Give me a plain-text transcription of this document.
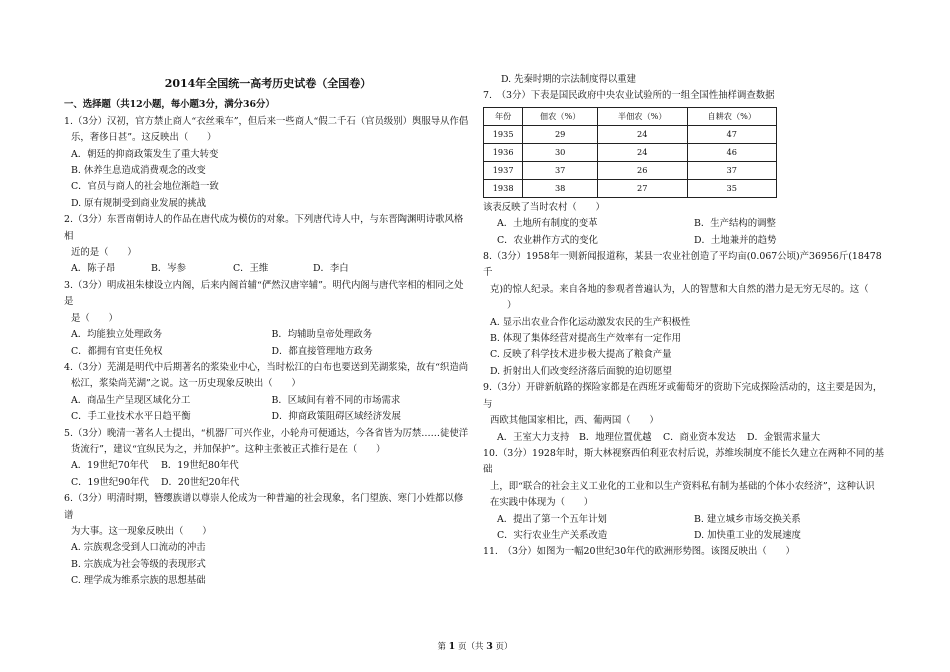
2014年全国统一高考历史试卷（全国卷）

一、选择题（共12小题，每小题3分，满分36分）

1.（3分）汉初，官方禁止商人“衣丝乘车”，但后来一些商人“假二千石（官员级别）舆服导从作倡

乐，奢侈日甚”。这反映出（　　）

A．朝廷的抑商政策发生了重大转变

B. 休养生息造成消费观念的改变

C．官员与商人的社会地位渐趋一致

D. 原有规制受到商业发展的挑战

2.（3分）东晋南朝诗人的作品在唐代成为模仿的对象。下列唐代诗人中，与东晋陶渊明诗歌风格相

近的是（　　）

A．陈子昂	B．岑参	C．王维	D．李白

3.（3分）明成祖朱棣设立内阁，后来内阁首辅“俨然汉唐宰辅”。明代内阁与唐代宰相的相同之处是

是（　　）

A．均能独立处理政务	B．均辅助皇帝处理政务

C．都拥有官吏任免权	D．都直接管理地方政务

4.（3分）芜湖是明代中后期著名的浆染业中心，当时松江的白布也要送到芜湖浆染，故有“织造尚

松江，浆染尚芜湖”之说。这一历史现象反映出（　　）

A．商品生产呈现区域化分工	B．区域间有着不同的市场需求

C．手工业技术水平日趋平衡	D．抑商政策阻碍区域经济发展

5.（3分）晚清一著名人士提出，“机器厂可兴作业，小轮舟可便通达，今各省皆为厉禁……徒使洋

货流行”，建议“宜纵民为之，并加保护”。这种主张被正式推行是在（　　）

A．19世纪70年代	B．19世纪80年代

C．19世纪90年代	D．20世纪20年代

6.（3分）明清时期，簪缨族谱以尊崇人伦成为一种普遍的社会现象，名门望族、寒门小姓都以修谱

为大事。这一现象反映出（　　）

A. 宗族观念受到人口流动的冲击

B. 宗族成为社会等级的表现形式

C. 理学成为维系宗族的思想基础

D. 先秦时期的宗法制度得以重建

7.　（3分）下表是国民政府中央农业试验所的一组全国性抽样调查数据

年份	佃农（%）	半佃农（%）	自耕农（%）
1935	29	24	47
1936	30	24	46
1937	37	26	37
1938	38	27	35

该表反映了当时农村（　　）

A．土地所有制度的变革	B．生产结构的调整

C．农业耕作方式的变化	D．土地兼并的趋势

8.（3分）1958年一则新闻报道称，某县一农业社创造了平均亩(0.067公顷)产36956斤(18478千

克)的惊人纪录。来自各地的参观者普遍认为，人的智慧和大自然的潜力是无穷无尽的。这（

）

A. 显示出农业合作化运动激发农民的生产积极性

B. 体现了集体经营对提高生产效率有一定作用

C. 反映了科学技术进步极大提高了粮食产量

D. 折射出人们改变经济落后面貌的迫切愿望

9.（3分）开辟新航路的探险家都是在西班牙或葡萄牙的资助下完成探险活动的，这主要是因为，与

西欧其他国家相比，西、葡两国（　　）

A．王室大力支持	B．地理位置优越	C．商业资本发达	D．金银需求量大

10.（3分）1928年时，斯大林视察西伯利亚农村后说，苏维埃制度不能长久建立在两种不同的基础

上，即“联合的社会主义工业化的工业和以生产资料私有制为基础的个体小农经济”，这种认识

在实践中体现为（　　）

A．提出了第一个五年计划	B. 建立城乡市场交换关系

C．实行农业生产关系改造	D. 加快重工业的发展速度

11.　（3分）如图为一幅20世纪30年代的欧洲形势图。该图反映出（　　）

第 1 页（共 3 页）
